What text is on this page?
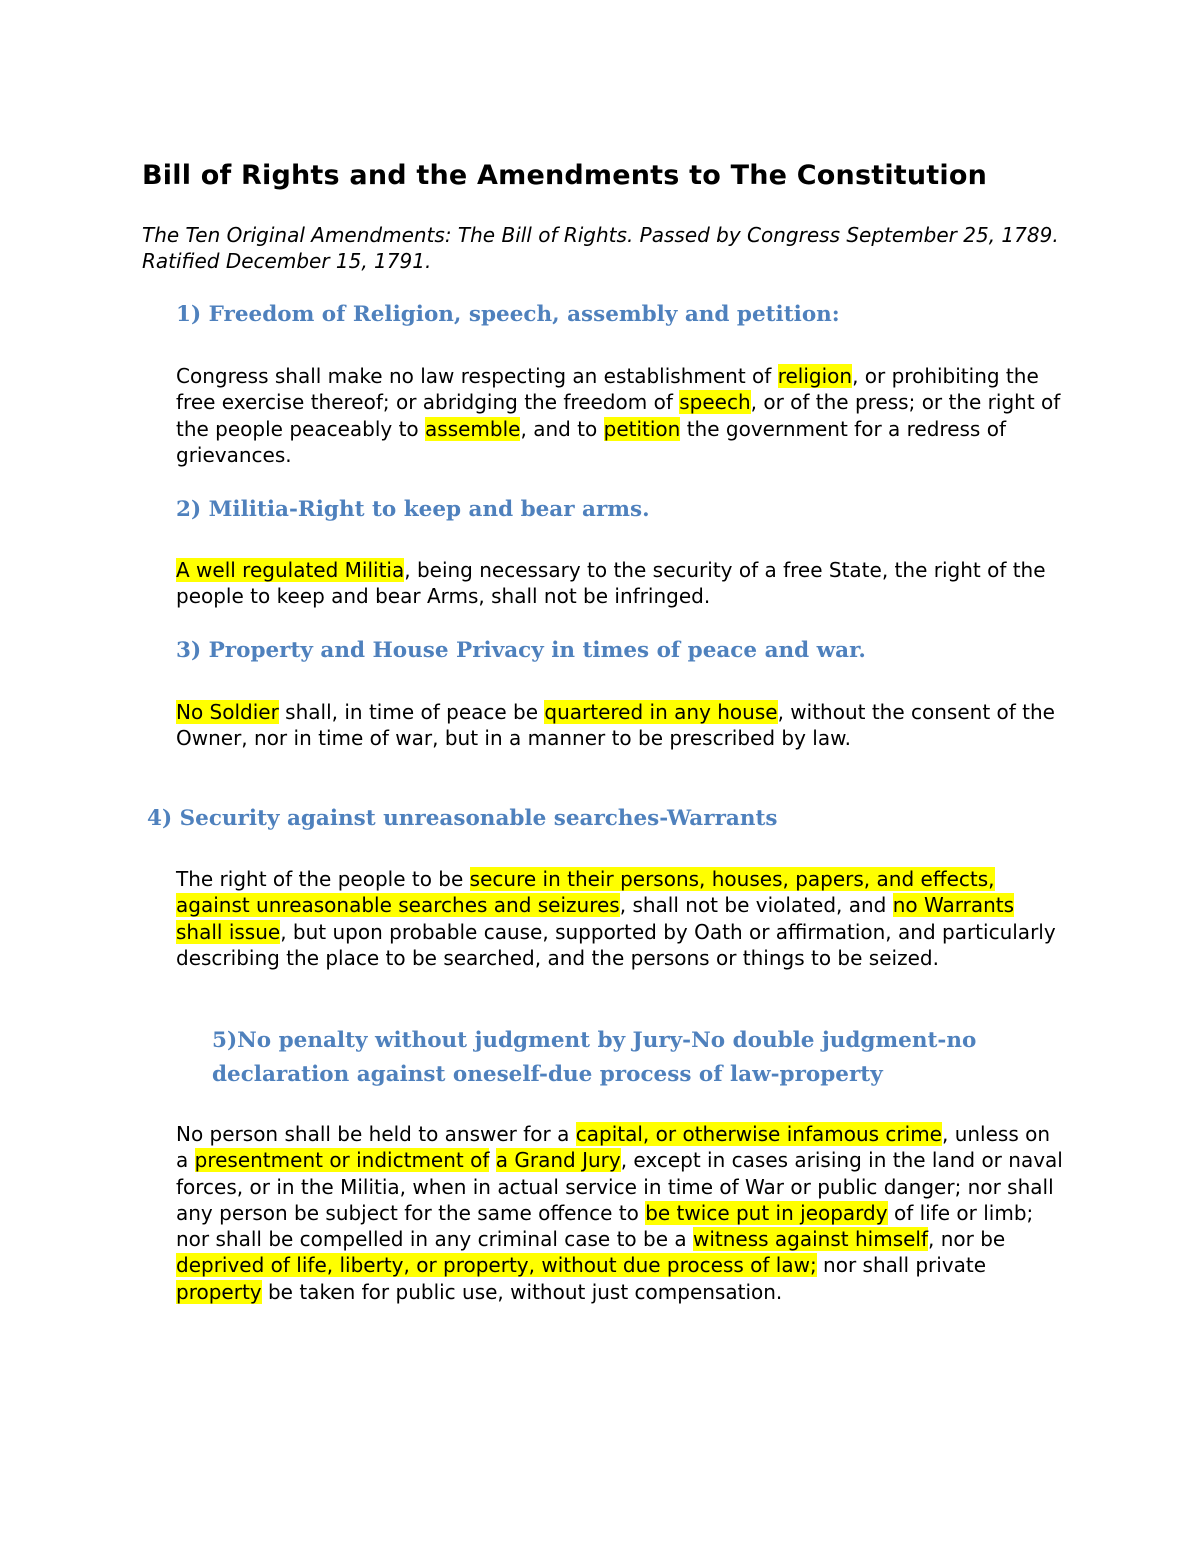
Bill of Rights and the Amendments to The Constitution

The Ten Original Amendments: The Bill of Rights. Passed by Congress September 25, 1789. Ratified December 15, 1791.

1) Freedom of Religion, speech, assembly and petition:

Congress shall make no law respecting an establishment of religion, or prohibiting the free exercise thereof; or abridging the freedom of speech, or of the press; or the right of the people peaceably to assemble, and to petition the government for a redress of grievances.

2) Militia-Right to keep and bear arms.

A well regulated Militia, being necessary to the security of a free State, the right of the people to keep and bear Arms, shall not be infringed.

3) Property and House Privacy in times of peace and war.

No Soldier shall, in time of peace be quartered in any house, without the consent of the Owner, nor in time of war, but in a manner to be prescribed by law.

4) Security against unreasonable searches-Warrants

The right of the people to be secure in their persons, houses, papers, and effects, against unreasonable searches and seizures, shall not be violated, and no Warrants shall issue, but upon probable cause, supported by Oath or affirmation, and particularly describing the place to be searched, and the persons or things to be seized.

5)No penalty without judgment by Jury-No double judgment-no declaration against oneself-due process of law-property

No person shall be held to answer for a capital, or otherwise infamous crime, unless on a presentment or indictment of a Grand Jury, except in cases arising in the land or naval forces, or in the Militia, when in actual service in time of War or public danger; nor shall any person be subject for the same offence to be twice put in jeopardy of life or limb; nor shall be compelled in any criminal case to be a witness against himself, nor be deprived of life, liberty, or property, without due process of law; nor shall private property be taken for public use, without just compensation.
